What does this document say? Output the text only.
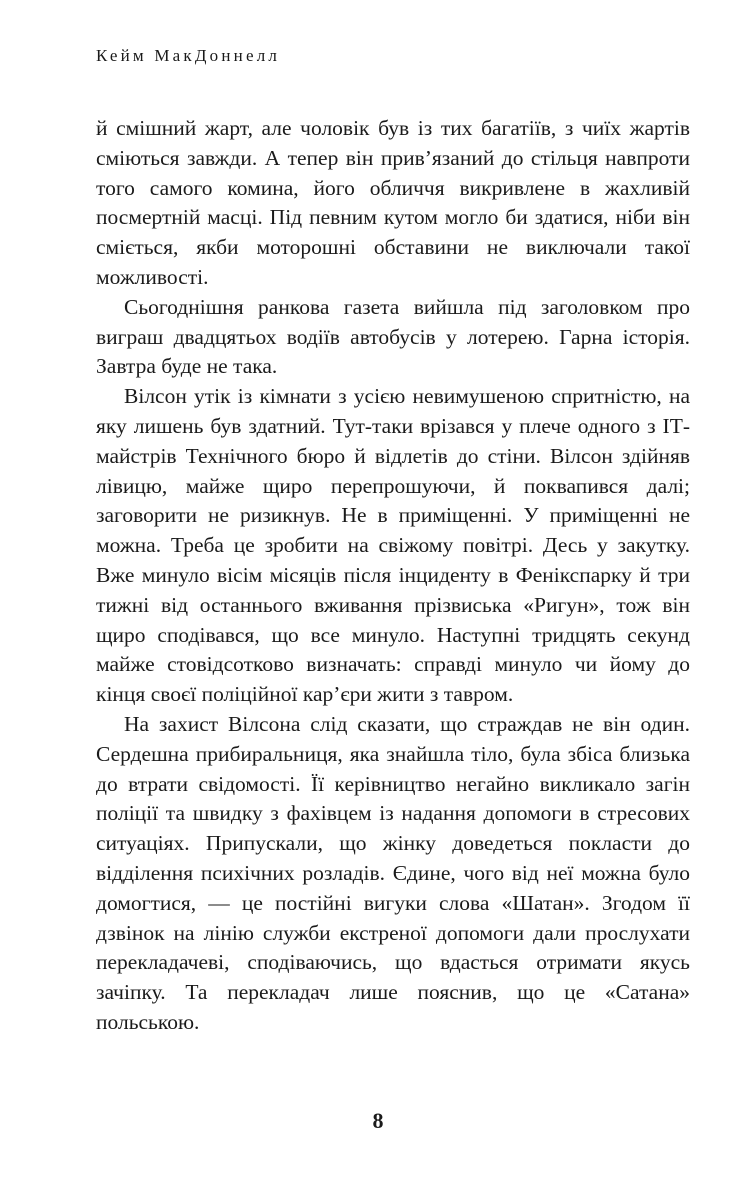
Кейм МакДоннелл

й смішний жарт, але чоловік був із тих багатіїв, з чиїх жартів сміються завжди. А тепер він прив’язаний до стільця навпроти того самого комина, його обличчя викривлене в жахливій посмертній масці. Під певним кутом могло би здатися, ніби він сміється, якби моторошні обставини не виключали такої можливості.

Сьогоднішня ранкова газета вийшла під заголовком про виграш двадцятьох водіїв автобусів у лотерею. Гарна історія. Завтра буде не така.

Вілсон утік із кімнати з усією невимушеною спритністю, на яку лишень був здатний. Тут-таки врізався у плече одного з ІТ-майстрів Технічного бюро й відлетів до стіни. Вілсон здійняв лівицю, майже щиро перепрошуючи, й поквапився далі; заговорити не ризикнув. Не в приміщенні. У приміщенні не можна. Треба це зробити на свіжому повітрі. Десь у закутку. Вже минуло вісім місяців після інциденту в Фенікспарку й три тижні від останнього вживання прізвиська «Ригун», тож він щиро сподівався, що все минуло. Наступні тридцять секунд майже стовідсотково визначать: справді минуло чи йому до кінця своєї поліційної кар’єри жити з тавром.

На захист Вілсона слід сказати, що страждав не він один. Сердешна прибиральниця, яка знайшла тіло, була збіса близька до втрати свідомості. Її керівництво негайно викликало загін поліції та швидку з фахівцем із надання допомоги в стресових ситуаціях. Припускали, що жінку доведеться покласти до відділення психічних розладів. Єдине, чого від неї можна було домогтися, — це постійні вигуки слова «Шатан». Згодом її дзвінок на лінію служби екстреної допомоги дали прослухати перекладачеві, сподіваючись, що вдасться отримати якусь зачіпку. Та перекладач лише пояснив, що це «Сатана» польською.

8
